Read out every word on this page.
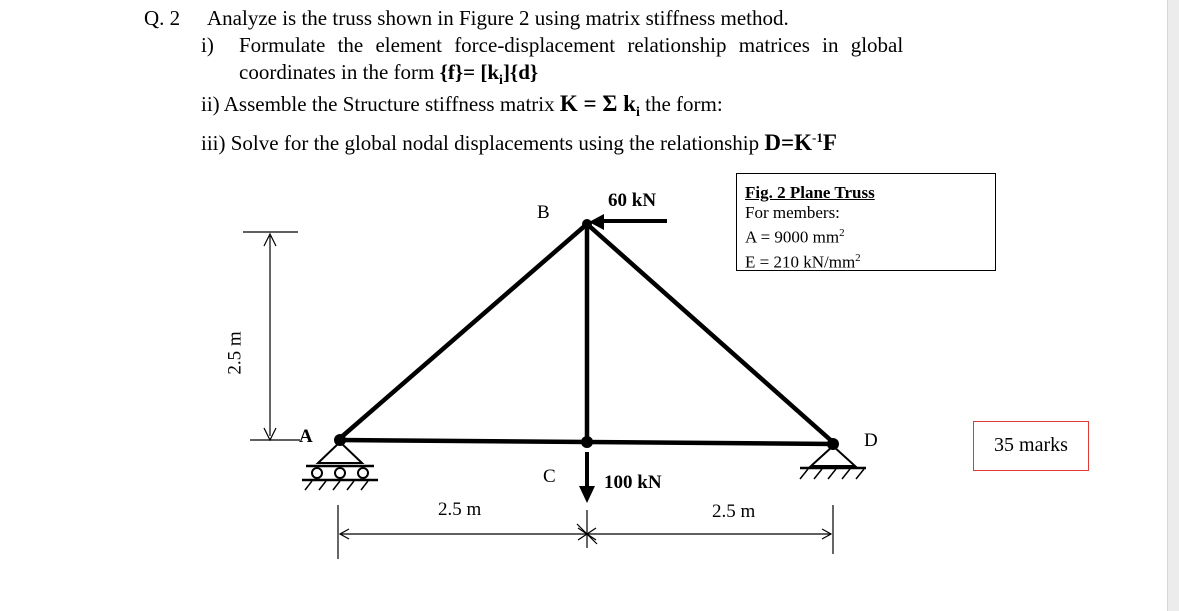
Q. 2 Analyze is the truss shown in Figure 2 using matrix stiffness method.
i) Formulate the element force-displacement relationship matrices in global
coordinates in the form $\{f\}= [k_i]\{d\}$
ii) Assemble the Structure stiffness matrix K = Σ $k_i$ the form:
iii) Solve for the global nodal displacements using the relationship $D=K^{-1}F$
Fig. 2 Plane Truss
For members:
A = 9000 $mm^2$
E = 210 $kN/mm^2$
A
B
C
D
60 kN
100 kN
2.5 m	2.5 m
2.5 m
35 marks
